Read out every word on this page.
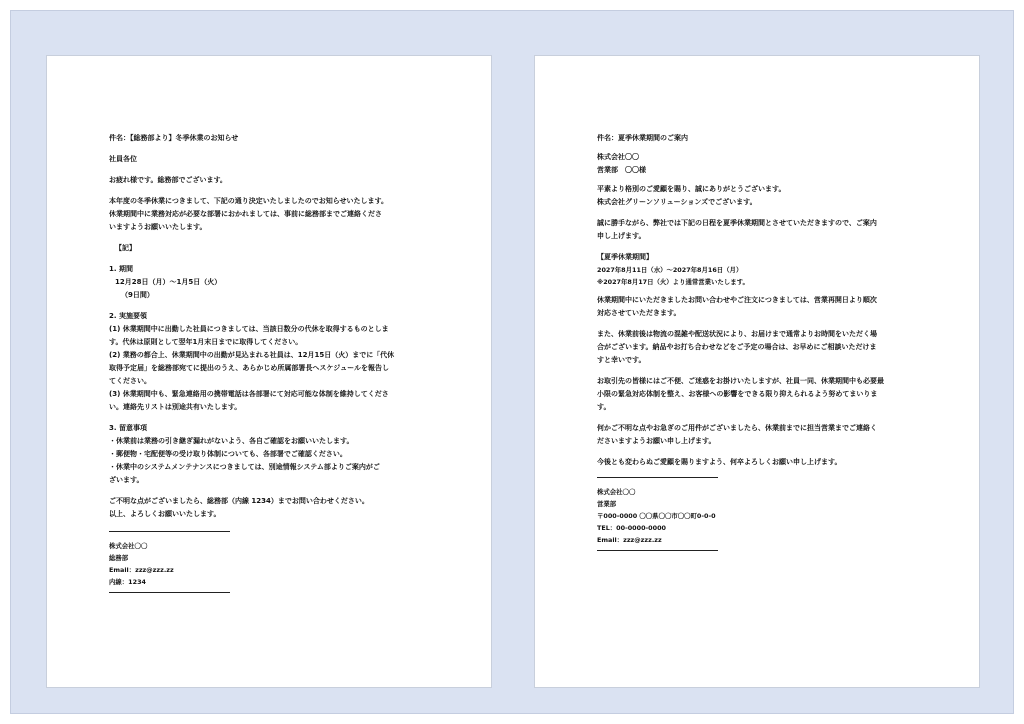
件名：【総務部より】冬季休業のお知らせ

社員各位

お疲れ様です。総務部でございます。

本年度の冬季休業につきまして、下記の通り決定いたしましたのでお知らせいたします。
休業期間中に業務対応が必要な部署におかれましては、事前に総務部までご連絡くださ
いますようお願いいたします。

【記】

1. 期間
12月28日（月）～1月5日（火）
（9日間）
2. 実施要領
(1) 休業期間中に出勤した社員につきましては、当該日数分の代休を取得するものとしま
す。代休は原則として翌年1月末日までに取得してください。
(2) 業務の都合上、休業期間中の出勤が見込まれる社員は、12月15日（火）までに「代休
取得予定届」を総務部宛てに提出のうえ、あらかじめ所属部署長へスケジュールを報告し
てください。
(3) 休業期間中も、緊急連絡用の携帯電話は各部署にて対応可能な体制を維持してくださ
い。連絡先リストは別途共有いたします。
3. 留意事項
・休業前は業務の引き継ぎ漏れがないよう、各自ご確認をお願いいたします。
・郵便物・宅配便等の受け取り体制についても、各部署でご確認ください。
・休業中のシステムメンテナンスにつきましては、別途情報システム部よりご案内がご
ざいます。
ご不明な点がございましたら、総務部（内線 1234）までお問い合わせください。
以上、よろしくお願いいたします。
株式会社〇〇
総務部
Email：zzz@zzz.zz
内線：1234

件名：夏季休業期間のご案内

株式会社〇〇
営業部　〇〇様
平素より格別のご愛顧を賜り、誠にありがとうございます。
株式会社グリーンソリューションズでございます。
誠に勝手ながら、弊社では下記の日程を夏季休業期間とさせていただきますので、ご案内
申し上げます。
【夏季休業期間】
2027年8月11日（水）～2027年8月16日（月）
※2027年8月17日（火）より通常営業いたします。
休業期間中にいただきましたお問い合わせやご注文につきましては、営業再開日より順次
対応させていただきます。
また、休業前後は物流の混雑や配送状況により、お届けまで通常よりお時間をいただく場
合がございます。納品やお打ち合わせなどをご予定の場合は、お早めにご相談いただけま
すと幸いです。
お取引先の皆様にはご不便、ご迷惑をお掛けいたしますが、社員一同、休業期間中も必要最
小限の緊急対応体制を整え、お客様への影響をできる限り抑えられるよう努めてまいりま
す。
何かご不明な点やお急ぎのご用件がございましたら、休業前までに担当営業までご連絡く
ださいますようお願い申し上げます。

今後とも変わらぬご愛顧を賜りますよう、何卒よろしくお願い申し上げます。

株式会社〇〇
営業部
〒000-0000 〇〇県〇〇市〇〇町0-0-0
TEL：00-0000-0000
Email：zzz@zzz.zz
